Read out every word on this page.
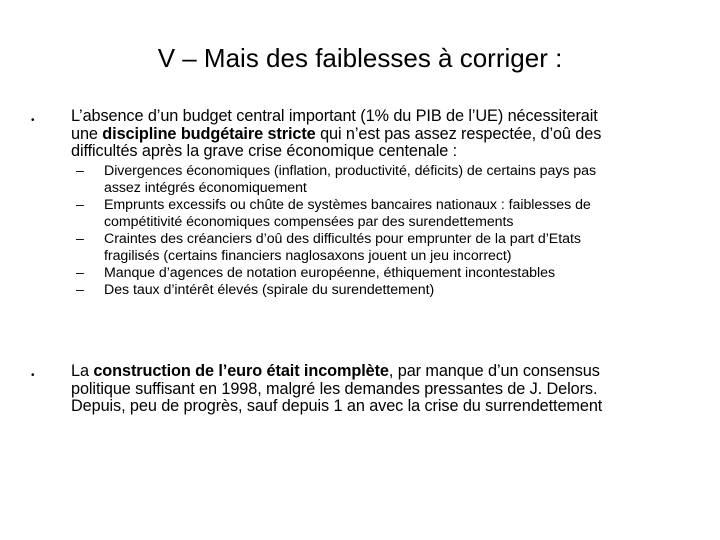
V – Mais des faiblesses à corriger :
• L’absence d’un budget central important (1% du PIB de l’UE) nécessiterait
une discipline budgétaire stricte qui n’est pas assez respectée, d’oû des
difficultés après la grave crise économique centenale :
– Divergences économiques (inflation, productivité, déficits) de certains pays pas
assez intégrés économiquement
– Emprunts excessifs ou chûte de systèmes bancaires nationaux : faiblesses de
compétitivité économiques compensées par des surendettements
– Craintes des créanciers d’oû des difficultés pour emprunter de la part d’Etats
fragilisés (certains financiers naglosaxons jouent un jeu incorrect)
– Manque d’agences de notation européenne, éthiquement incontestables
– Des taux d’intérêt élevés (spirale du surendettement)
• La construction de l’euro était incomplète, par manque d’un consensus
politique suffisant en 1998, malgré les demandes pressantes de J. Delors.
Depuis, peu de progrès, sauf depuis 1 an avec la crise du surrendettement
